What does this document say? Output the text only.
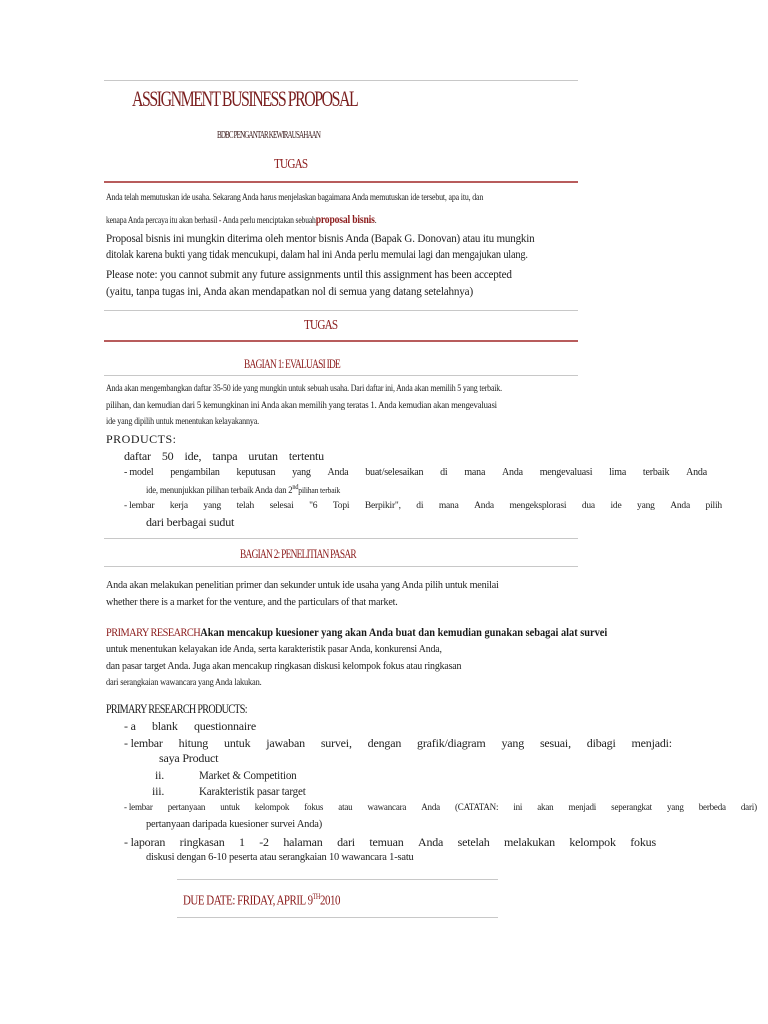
ASSIGNMENT BUSINESS PROPOSAL
BDBC PENGANTAR KEWIRAUSAHAAN
TUGAS
Anda telah memutuskan ide usaha. Sekarang Anda harus menjelaskan bagaimana Anda memutuskan ide tersebut, apa itu, dan
kenapa Anda percaya itu akan berhasil - Anda perlu menciptakan sebuahproposal bisnis.
Proposal bisnis ini mungkin diterima oleh mentor bisnis Anda (Bapak G. Donovan) atau itu mungkin
ditolak karena bukti yang tidak mencukupi, dalam hal ini Anda perlu memulai lagi dan mengajukan ulang.
Please note: you cannot submit any future assignments until this assignment has been accepted
(yaitu, tanpa tugas ini, Anda akan mendapatkan nol di semua yang datang setelahnya)
TUGAS
BAGIAN 1: EVALUASI IDE
Anda akan mengembangkan daftar 35-50 ide yang mungkin untuk sebuah usaha. Dari daftar ini, Anda akan memilih 5 yang terbaik.
pilihan, dan kemudian dari 5 kemungkinan ini Anda akan memilih yang teratas 1. Anda kemudian akan mengevaluasi
ide yang dipilih untuk menentukan kelayakannya.
PRODUCTS:
daftar 50 ide, tanpa urutan tertentu
- model pengambilan keputusan yang Anda buat/selesaikan di mana Anda mengevaluasi lima terbaik Anda
ide, menunjukkan pilihan terbaik Anda dan 2ndpilihan terbaik
- lembar kerja yang telah selesai "6 Topi Berpikir", di mana Anda mengeksplorasi dua ide yang Anda pilih
dari berbagai sudut
BAGIAN 2: PENELITIAN PASAR
Anda akan melakukan penelitian primer dan sekunder untuk ide usaha yang Anda pilih untuk menilai
whether there is a market for the venture, and the particulars of that market.
PRIMARY RESEARCHAkan mencakup kuesioner yang akan Anda buat dan kemudian gunakan sebagai alat survei
untuk menentukan kelayakan ide Anda, serta karakteristik pasar Anda, konkurensi Anda,
dan pasar target Anda. Juga akan mencakup ringkasan diskusi kelompok fokus atau ringkasan
dari serangkaian wawancara yang Anda lakukan.
PRIMARY RESEARCH PRODUCTS:
- a blank questionnaire
- lembar hitung untuk jawaban survei, dengan grafik/diagram yang sesuai, dibagi menjadi:
saya Product
ii.	Market & Competition
iii.	Karakteristik pasar target
- lembar pertanyaan untuk kelompok fokus atau wawancara Anda (CATATAN: ini akan menjadi seperangkat yang berbeda dari)
pertanyaan daripada kuesioner survei Anda)
- laporan ringkasan 1 -2 halaman dari temuan Anda setelah melakukan kelompok fokus
diskusi dengan 6-10 peserta atau serangkaian 10 wawancara 1-satu
DUE DATE: FRIDAY, APRIL 9TH2010
